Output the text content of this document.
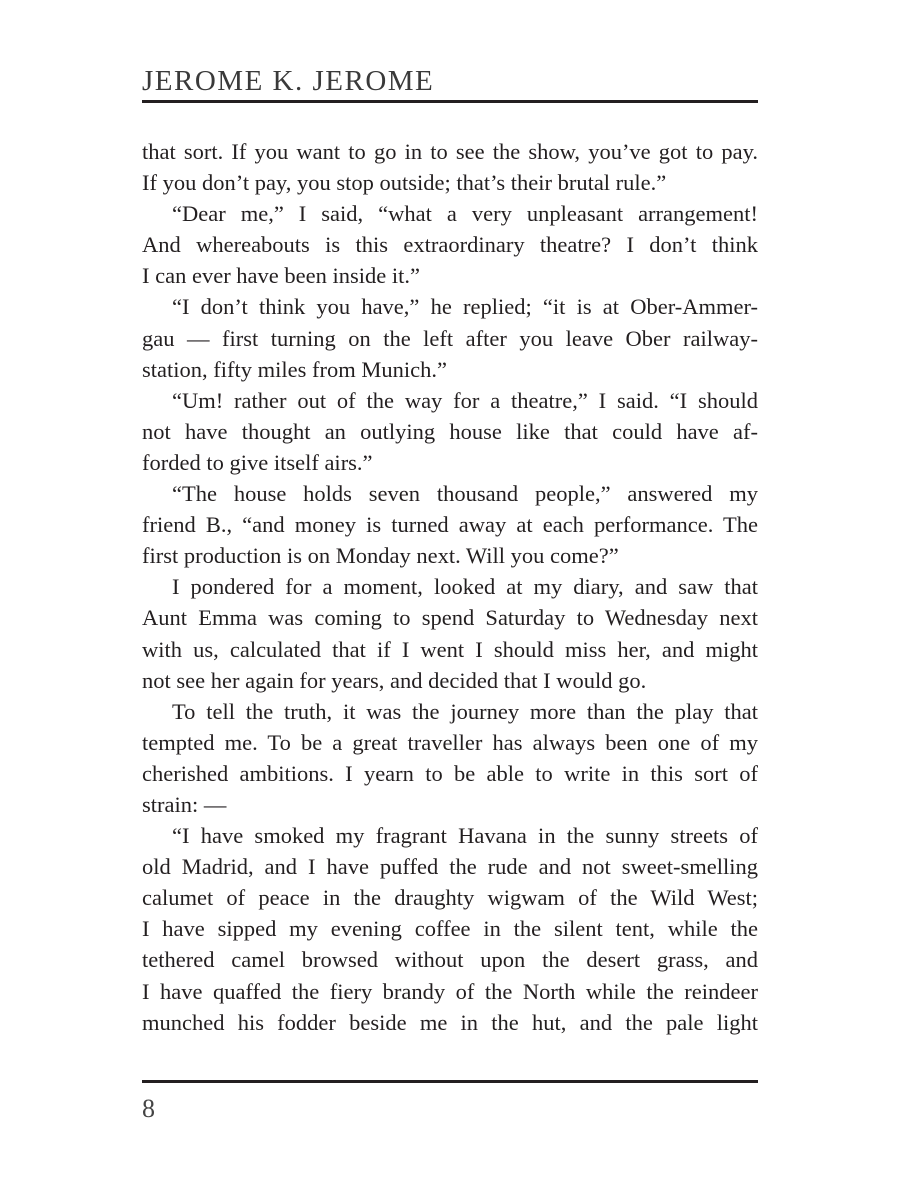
JEROME K. JEROME
that sort. If you want to go in to see the show, you’ve got to pay.
If you don’t pay, you stop outside; that’s their brutal rule.”
“Dear me,” I said, “what a very unpleasant arrangement!
And whereabouts is this extraordinary theatre? I don’t think
I can ever have been inside it.”
“I don’t think you have,” he replied; “it is at Ober-Ammer-
gau — first turning on the left after you leave Ober railway-
station, fifty miles from Munich.”
“Um! rather out of the way for a theatre,” I said. “I should
not have thought an outlying house like that could have af-
forded to give itself airs.”
“The house holds seven thousand people,” answered my
friend B., “and money is turned away at each performance. The
first production is on Monday next. Will you come?”
I pondered for a moment, looked at my diary, and saw that
Aunt Emma was coming to spend Saturday to Wednesday next
with us, calculated that if I went I should miss her, and might
not see her again for years, and decided that I would go.
To tell the truth, it was the journey more than the play that
tempted me. To be a great traveller has always been one of my
cherished ambitions. I yearn to be able to write in this sort of
strain: —
“I have smoked my fragrant Havana in the sunny streets of
old Madrid, and I have puffed the rude and not sweet-smelling
calumet of peace in the draughty wigwam of the Wild West;
I have sipped my evening coffee in the silent tent, while the
tethered camel browsed without upon the desert grass, and
I have quaffed the fiery brandy of the North while the reindeer
munched his fodder beside me in the hut, and the pale light
8
